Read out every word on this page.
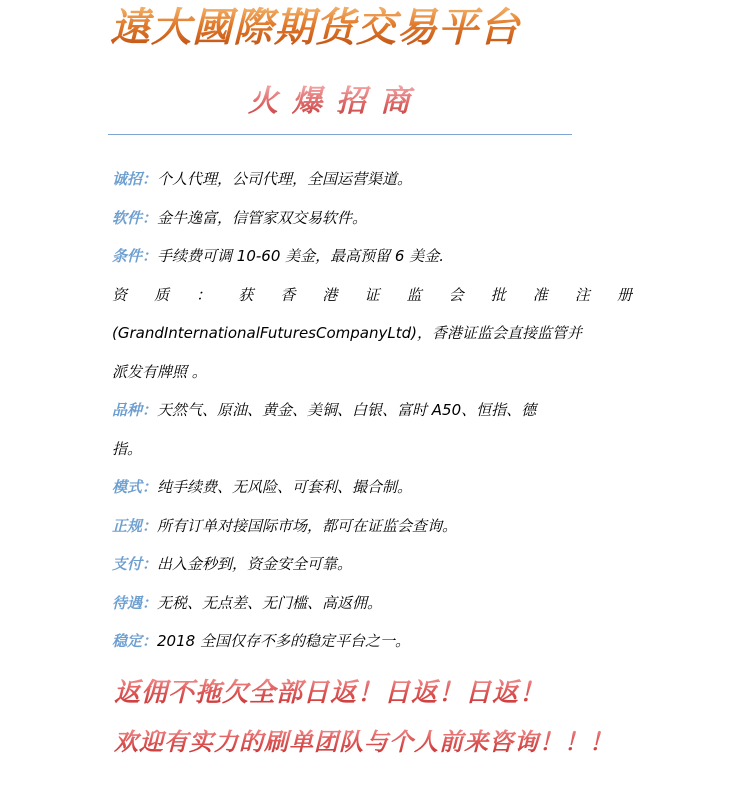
遠大國際期货交易平台
火爆招商
诚招：个人代理，公司代理，全国运营渠道。
软件：金牛逸富，信管家双交易软件。
条件：手续费可调 10-60 美金，最高预留 6 美金.
资 质 ： 获 香 港 证 监 会 批 准 注 册
(GrandInternationalFuturesCompanyLtd)，香港证监会直接监管并
派发有牌照 。
品种：天然气、原油、黄金、美铜、白银、富时 A50、恒指、德
指。
模式：纯手续费、无风险、可套利、撮合制。
正规：所有订单对接国际市场，都可在证监会查询。
支付：出入金秒到，资金安全可靠。
待遇：无税、无点差、无门槛、高返佣。
稳定：2018 全国仅存不多的稳定平台之一。
返佣不拖欠全部日返！日返！日返！
欢迎有实力的刷单团队与个人前来咨询！！！
